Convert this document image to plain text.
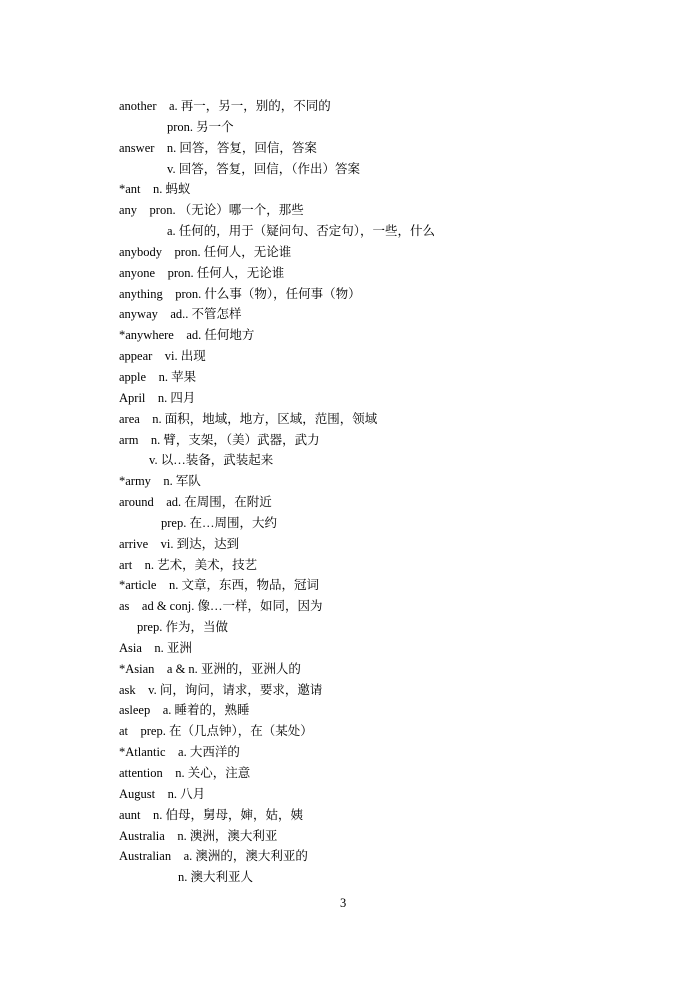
another　a. 再一，另一，别的，不同的
pron. 另一个
answer　n. 回答，答复，回信，答案
v. 回答，答复，回信，（作出）答案
*ant　n. 蚂蚁
any　pron. （无论）哪一个，那些
a. 任何的，用于（疑问句、否定句），一些，什么
anybody　pron. 任何人，无论谁
anyone　pron. 任何人，无论谁
anything　pron. 什么事（物），任何事（物）
anyway　ad.. 不管怎样
*anywhere　ad. 任何地方
appear　vi. 出现
apple　n. 苹果
April　n. 四月
area　n. 面积，地域，地方，区域，范围，领域
arm　n. 臂，支架，（美）武器，武力
v. 以…装备，武装起来
*army　n. 军队
around　ad. 在周围，在附近
prep. 在…周围，大约
arrive　vi. 到达，达到
art　n. 艺术，美术，技艺
*article　n. 文章，东西，物品，冠词
as　ad & conj. 像…一样，如同，因为
prep. 作为，当做
Asia　n. 亚洲
*Asian　a & n. 亚洲的，亚洲人的
ask　v. 问，询问，请求，要求，邀请
asleep　a. 睡着的，熟睡
at　prep. 在（几点钟），在（某处）
*Atlantic　a. 大西洋的
attention　n. 关心，注意
August　n. 八月
aunt　n. 伯母，舅母，婶，姑，姨
Australia　n. 澳洲，澳大利亚
Australian　a. 澳洲的，澳大利亚的
n. 澳大利亚人
3
